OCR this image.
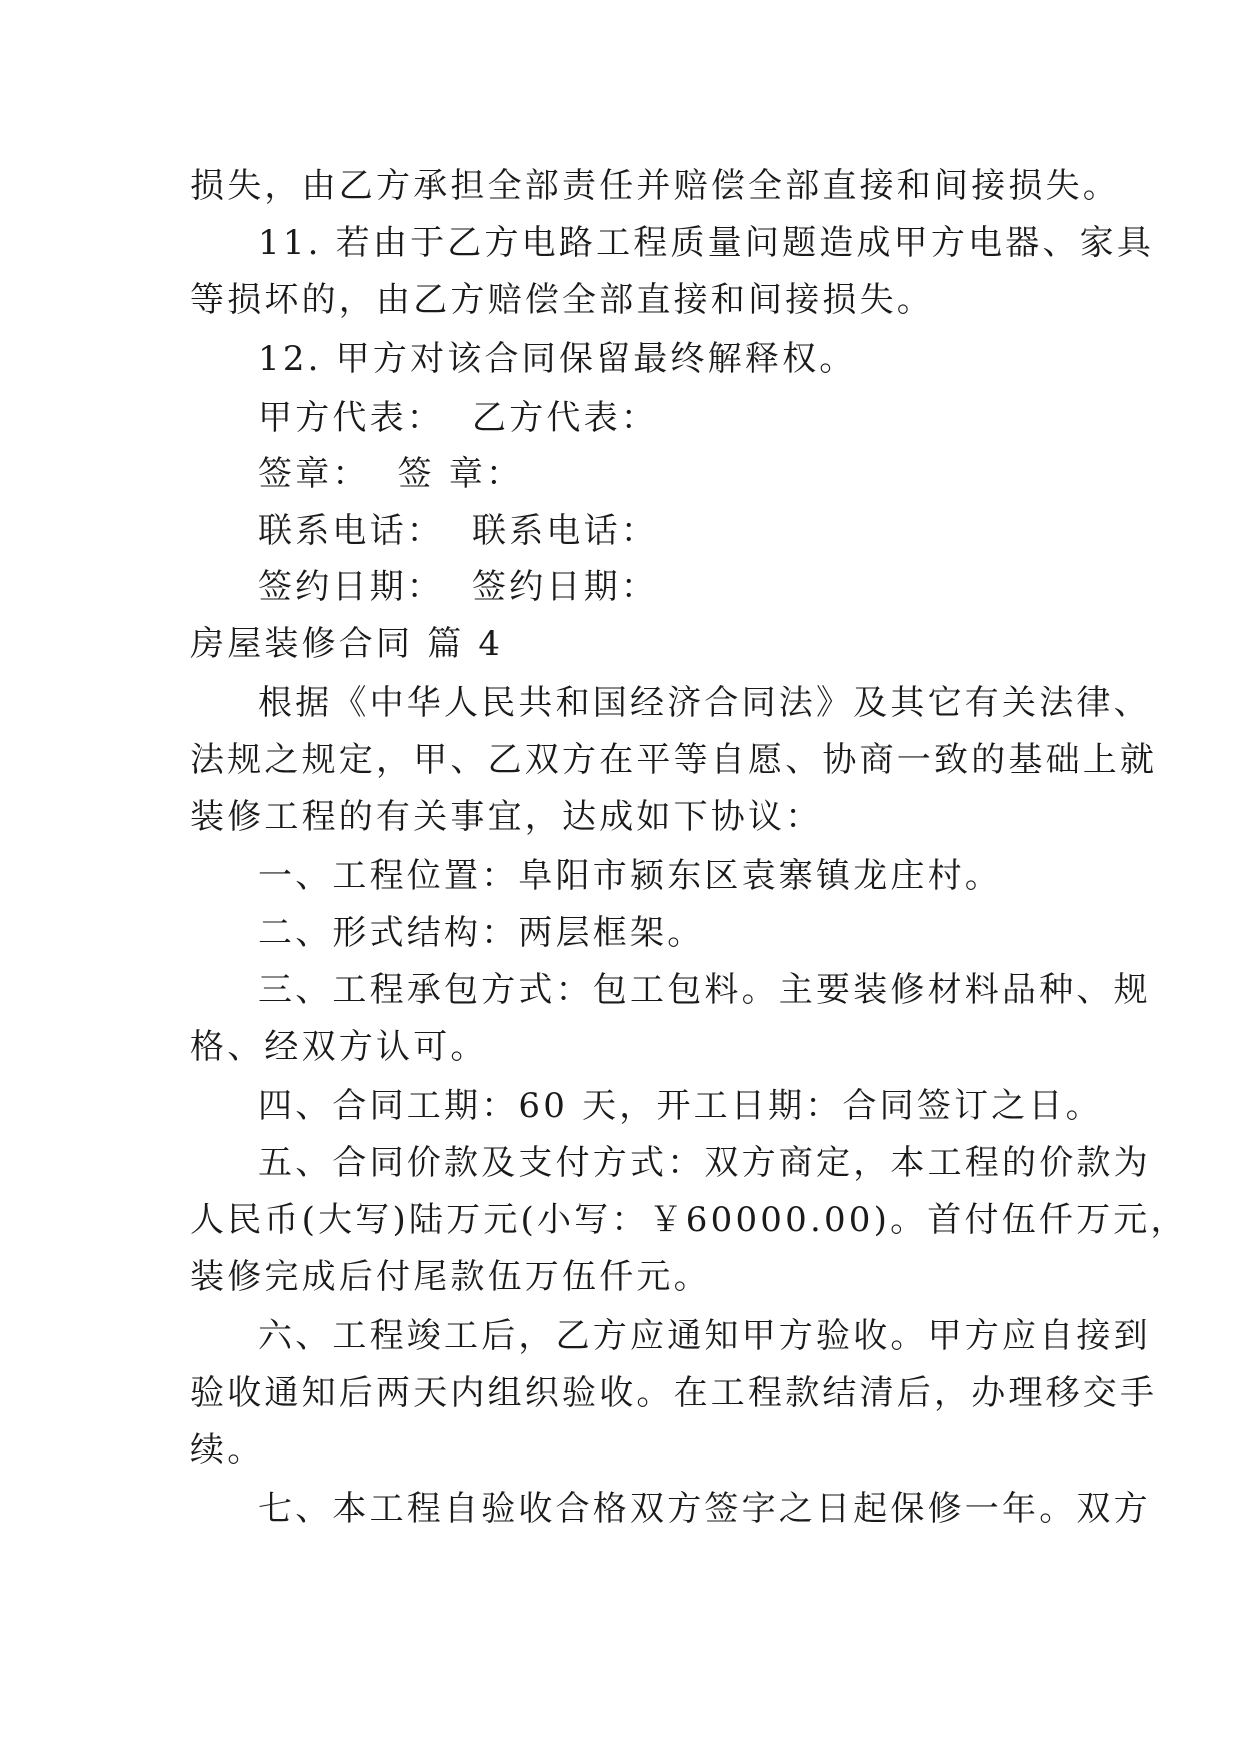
损失，由乙方承担全部责任并赔偿全部直接和间接损失。
11. 若由于乙方电路工程质量问题造成甲方电器、家具
等损坏的，由乙方赔偿全部直接和间接损失。
12. 甲方对该合同保留最终解释权。
甲方代表：  乙方代表：
签章：  签 章：
联系电话：  联系电话：
签约日期：  签约日期：
房屋装修合同 篇 4
根据《中华人民共和国经济合同法》及其它有关法律、
法规之规定，甲、乙双方在平等自愿、协商一致的基础上就
装修工程的有关事宜，达成如下协议：
一、工程位置：阜阳市颍东区袁寨镇龙庄村。
二、形式结构：两层框架。
三、工程承包方式：包工包料。主要装修材料品种、规
格、经双方认可。
四、合同工期：60 天，开工日期：合同签订之日。
五、合同价款及支付方式：双方商定，本工程的价款为
人民币(大写)陆万元(小写：￥60000.00)。首付伍仟万元，
装修完成后付尾款伍万伍仟元。
六、工程竣工后，乙方应通知甲方验收。甲方应自接到
验收通知后两天内组织验收。在工程款结清后，办理移交手
续。
七、本工程自验收合格双方签字之日起保修一年。双方
